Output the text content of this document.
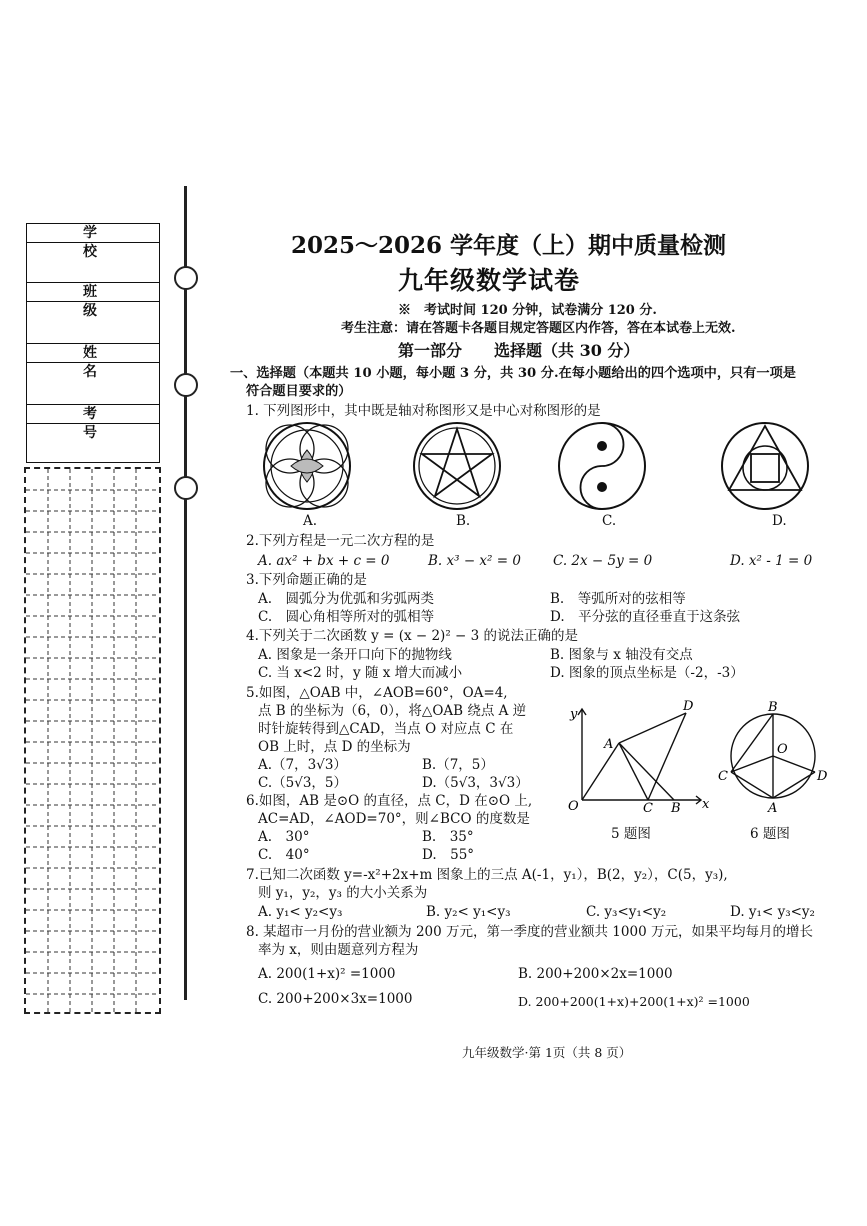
学　校
班　级
姓　名
考　号
2025～2026 学年度（上）期中质量检测
九年级数学试卷
※　考试时间 120 分钟，试卷满分 120 分.
考生注意：请在答题卡各题目规定答题区内作答，答在本试卷上无效.
第一部分　　选择题（共 30 分）
一、选择题（本题共 10 小题，每小题 3 分，共 30 分.在每小题给出的四个选项中，只有一项是
符合题目要求的）
1. 下列图形中，其中既是轴对称图形又是中心对称图形的是
A.	B.	C.	D.
2.下列方程是一元二次方程的是
A. ax² + bx + c = 0	B. x³ − x² = 0 C. 2x − 5y = 0	D. x² - 1 = 0
3.下列命题正确的是
A.　圆弧分为优弧和劣弧两类	B.　等弧所对的弦相等
C.　圆心角相等所对的弧相等	D.　平分弦的直径垂直于这条弦
4.下列关于二次函数 y = (x − 2)² − 3 的说法正确的是
A. 图象是一条开口向下的抛物线	B. 图象与 x 轴没有交点
C. 当 x<2 时，y 随 x 增大而减小	D. 图象的顶点坐标是（-2，-3）
5.如图，△OAB 中，∠AOB=60°，OA=4,
点 B 的坐标为（6，0），将△OAB 绕点 A 逆
时针旋转得到△CAD，当点 O 对应点 C 在
OB 上时，点 D 的坐标为
A.（7，3√3）	B.（7，5）
C.（5√3，5）	D.（5√3，3√3）
y
x
O
A
C B
D
5 题图
B
O
C	D
A
6 题图
6.如图，AB 是⊙O 的直径，点 C，D 在⊙O 上,
AC=AD，∠AOD=70°，则∠BCO 的度数是
A.　30°	B.　35°
C.　40°	D.　55°
7.已知二次函数 y=-x²+2x+m 图象上的三点 A(-1，y₁），B(2，y₂），C(5，y₃),
则 y₁，y₂，y₃ 的大小关系为
A. y₁< y₂<y₃	B. y₂< y₁<y₃	C. y₃<y₁<y₂	D. y₁< y₃<y₂
8. 某超市一月份的营业额为 200 万元，第一季度的营业额共 1000 万元，如果平均每月的增长
率为 x，则由题意列方程为
A. 200(1+x)² =1000	B. 200+200×2x=1000
C. 200+200×3x=1000	D. 200+200(1+x)+200(1+x)² =1000
九年级数学·第 1页（共 8 页）
